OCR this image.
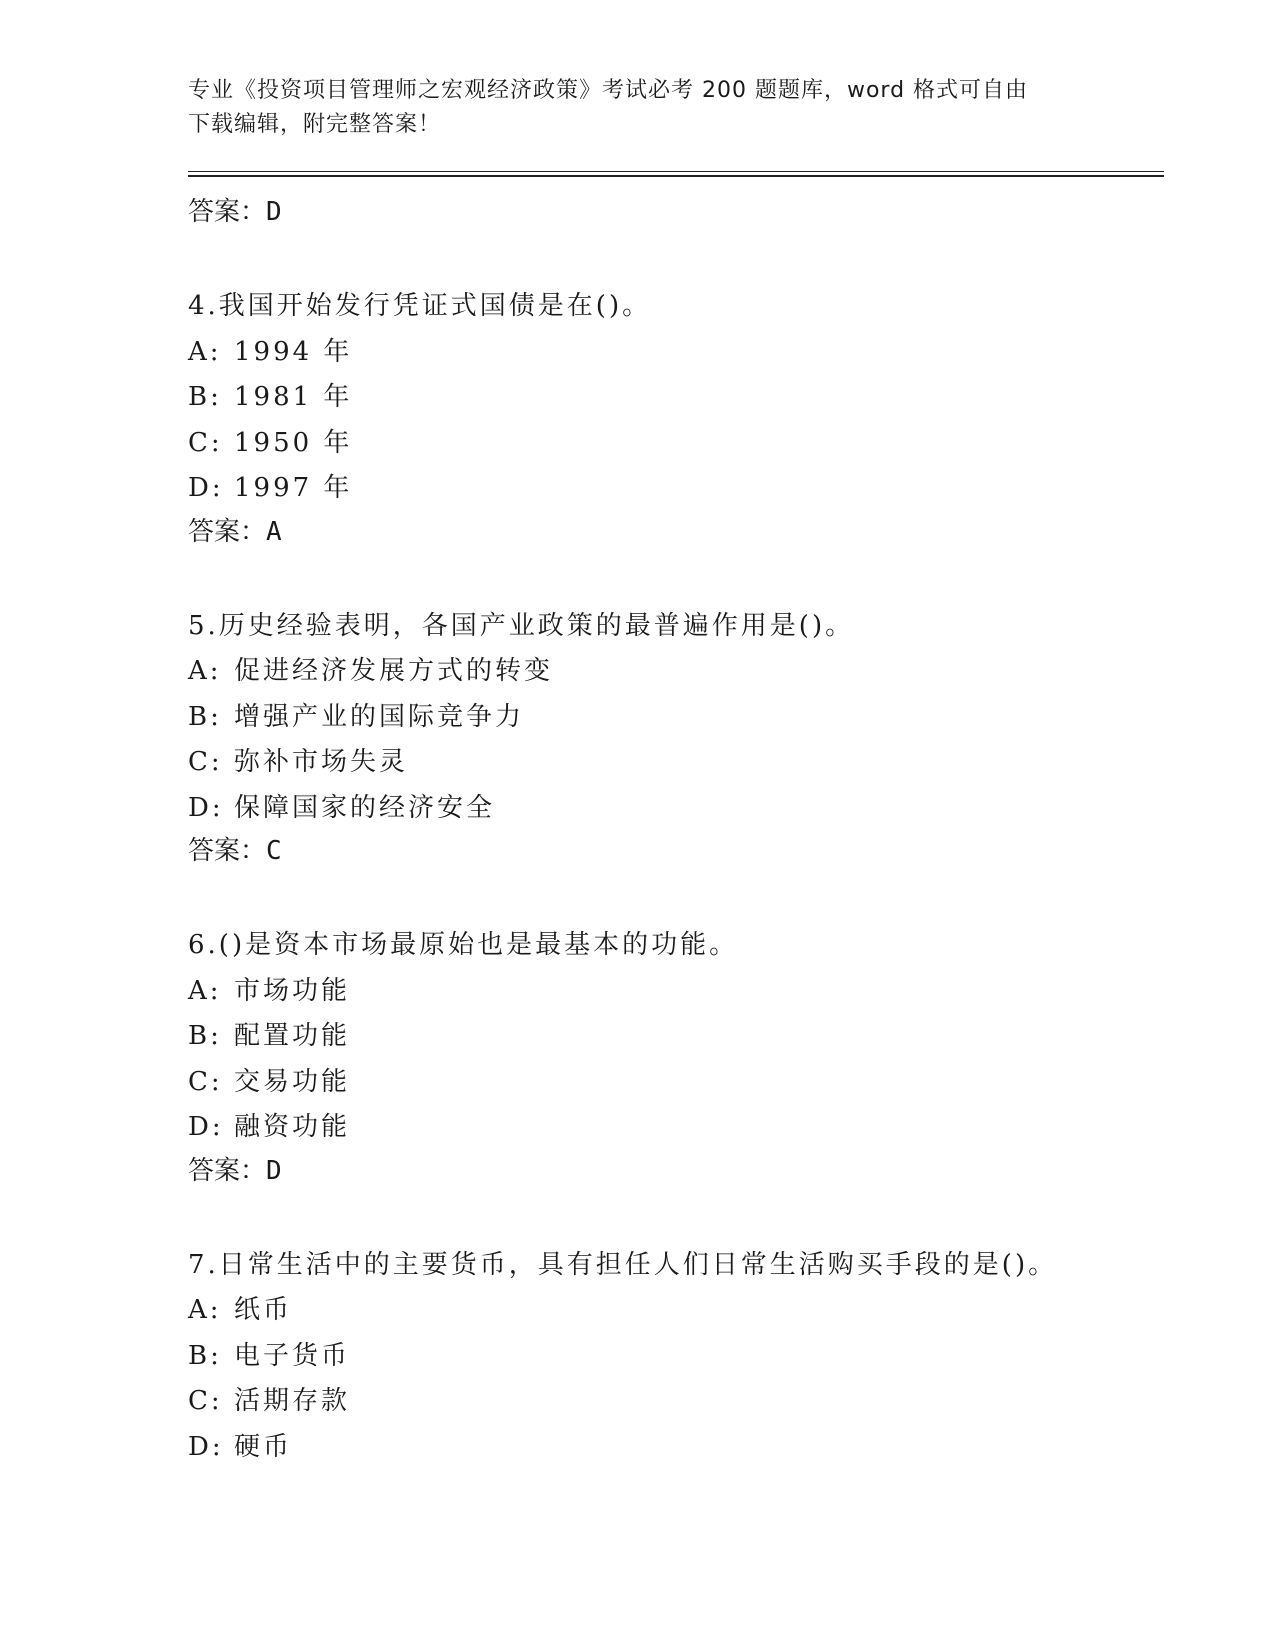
专业《投资项目管理师之宏观经济政策》考试必考 200 题题库，word 格式可自由
下载编辑，附完整答案！
答案：D
4.我国开始发行凭证式国债是在()。
A: 1994 年
B: 1981 年
C: 1950 年
D: 1997 年
答案：A
5.历史经验表明，各国产业政策的最普遍作用是()。
A: 促进经济发展方式的转变
B: 增强产业的国际竞争力
C: 弥补市场失灵
D: 保障国家的经济安全
答案：C
6.()是资本市场最原始也是最基本的功能。
A: 市场功能
B: 配置功能
C: 交易功能
D: 融资功能
答案：D
7.日常生活中的主要货币，具有担任人们日常生活购买手段的是()。
A: 纸币
B: 电子货币
C: 活期存款
D: 硬币
